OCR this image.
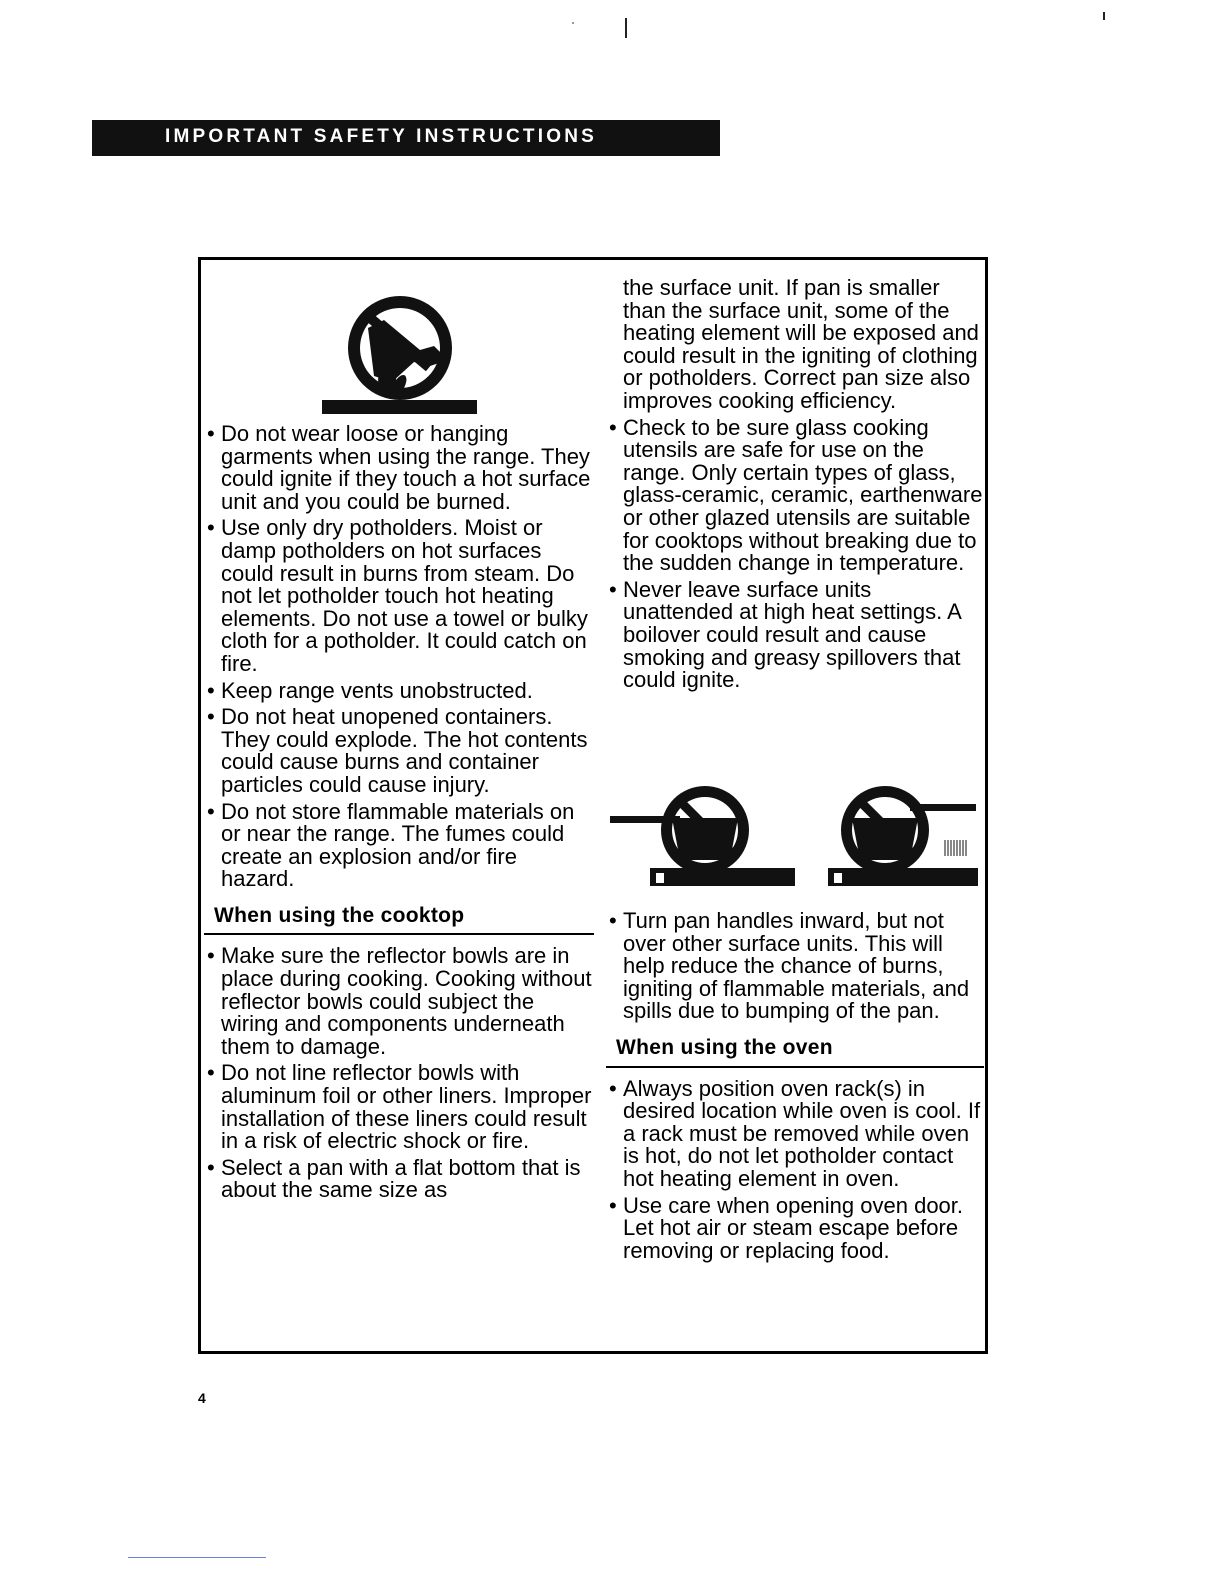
IMPORTANT SAFETY INSTRUCTIONS
• Do not wear loose or hanging garments when using the range. They could ignite if they touch a hot surface unit and you could be burned.
• Use only dry potholders. Moist or damp potholders on hot surfaces could result in burns from steam. Do not let potholder touch hot heating elements. Do not use a towel or bulky cloth for a potholder. It could catch on fire.
• Keep range vents unobstructed.
• Do not heat unopened containers. They could explode. The hot contents could cause burns and container particles could cause injury.
• Do not store flammable materials on or near the range. The fumes could create an explosion and/or fire hazard.
When using the cooktop
• Make sure the reflector bowls are in place during cooking. Cooking without reflector bowls could subject the wiring and components underneath them to damage.
• Do not line reflector bowls with aluminum foil or other liners. Improper installation of these liners could result in a risk of electric shock or fire.
• Select a pan with a flat bottom that is about the same size as
the surface unit. If pan is smaller than the surface unit, some of the heating element will be exposed and could result in the igniting of clothing or potholders. Correct pan size also improves cooking efficiency.
• Check to be sure glass cooking utensils are safe for use on the range. Only certain types of glass, glass-ceramic, ceramic, earthenware or other glazed utensils are suitable for cooktops without breaking due to the sudden change in temperature.
• Never leave surface units unattended at high heat settings. A boilover could result and cause smoking and greasy spillovers that could ignite.
• Turn pan handles inward, but not over other surface units. This will help reduce the chance of burns, igniting of flammable materials, and spills due to bumping of the pan.
When using the oven
• Always position oven rack(s) in desired location while oven is cool. If a rack must be removed while oven is hot, do not let potholder contact hot heating element in oven.
• Use care when opening oven door. Let hot air or steam escape before removing or replacing food.
4
